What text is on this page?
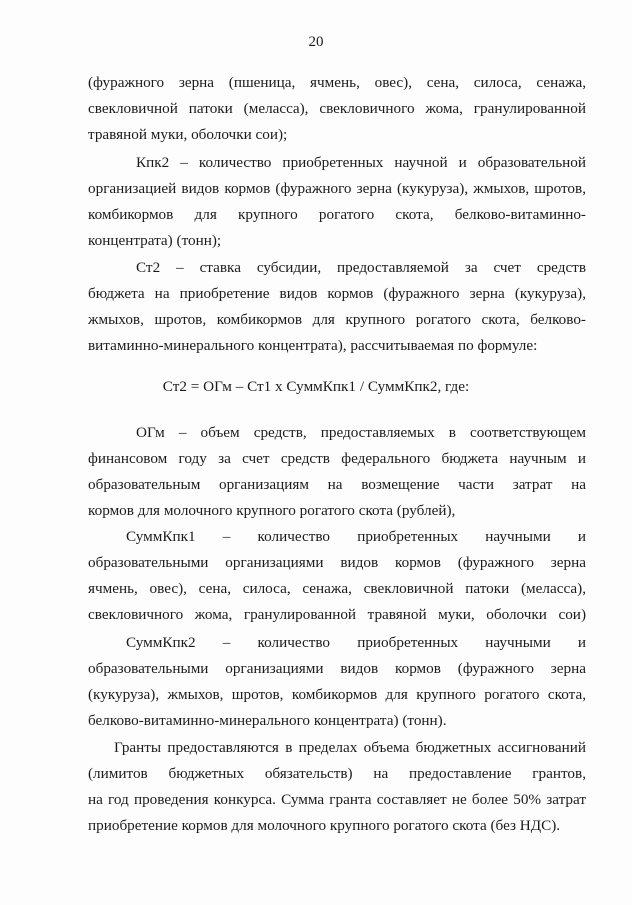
20
(фуражного зерна (пшеница, ячмень, овес), сена, силоса, сенажа,
свекловичной патоки (мелассa), свекловичного жома, гранулированной
травяной муки, оболочки сои);
Кпк2 – количество приобретенных научной и образовательной
организацией видов кормов (фуражного зерна (кукуруза), жмыхов, шротов,
комбикормов для крупного рогатого скота, белково-витаминно-
концентрата) (тонн);
Ст2 – ставка субсидии, предоставляемой за счет средств
бюджета на приобретение видов кормов (фуражного зерна (кукуруза),
жмыхов, шротов, комбикормов для крупного рогатого скота, белково-
витаминно-минерального концентрата), рассчитываемая по формуле:
Ст2 = ОГм – Ст1 x СуммКпк1 / СуммКпк2, где:
ОГм – объем средств, предоставляемых в соответствующем
финансовом году за счет средств федерального бюджета научным и
образовательным организациям на возмещение части затрат на
кормов для молочного крупного рогатого скота (рублей),
СуммКпк1 – количество приобретенных научными и
образовательными организациями видов кормов (фуражного зерна
ячмень, овес), сена, силоса, сенажа, свекловичной патоки (меласса),
свекловичного жома, гранулированной травяной муки, оболочки сои)
СуммКпк2 – количество приобретенных научными и
образовательными организациями видов кормов (фуражного зерна
(кукуруза), жмыхов, шротов, комбикормов для крупного рогатого скота,
белково-витаминно-минерального концентрата) (тонн).
Гранты предоставляются в пределах объема бюджетных ассигнований
(лимитов бюджетных обязательств) на предоставление грантов,
на год проведения конкурса. Сумма гранта составляет не более 50% затрат
приобретение кормов для молочного крупного рогатого скота (без НДС).
